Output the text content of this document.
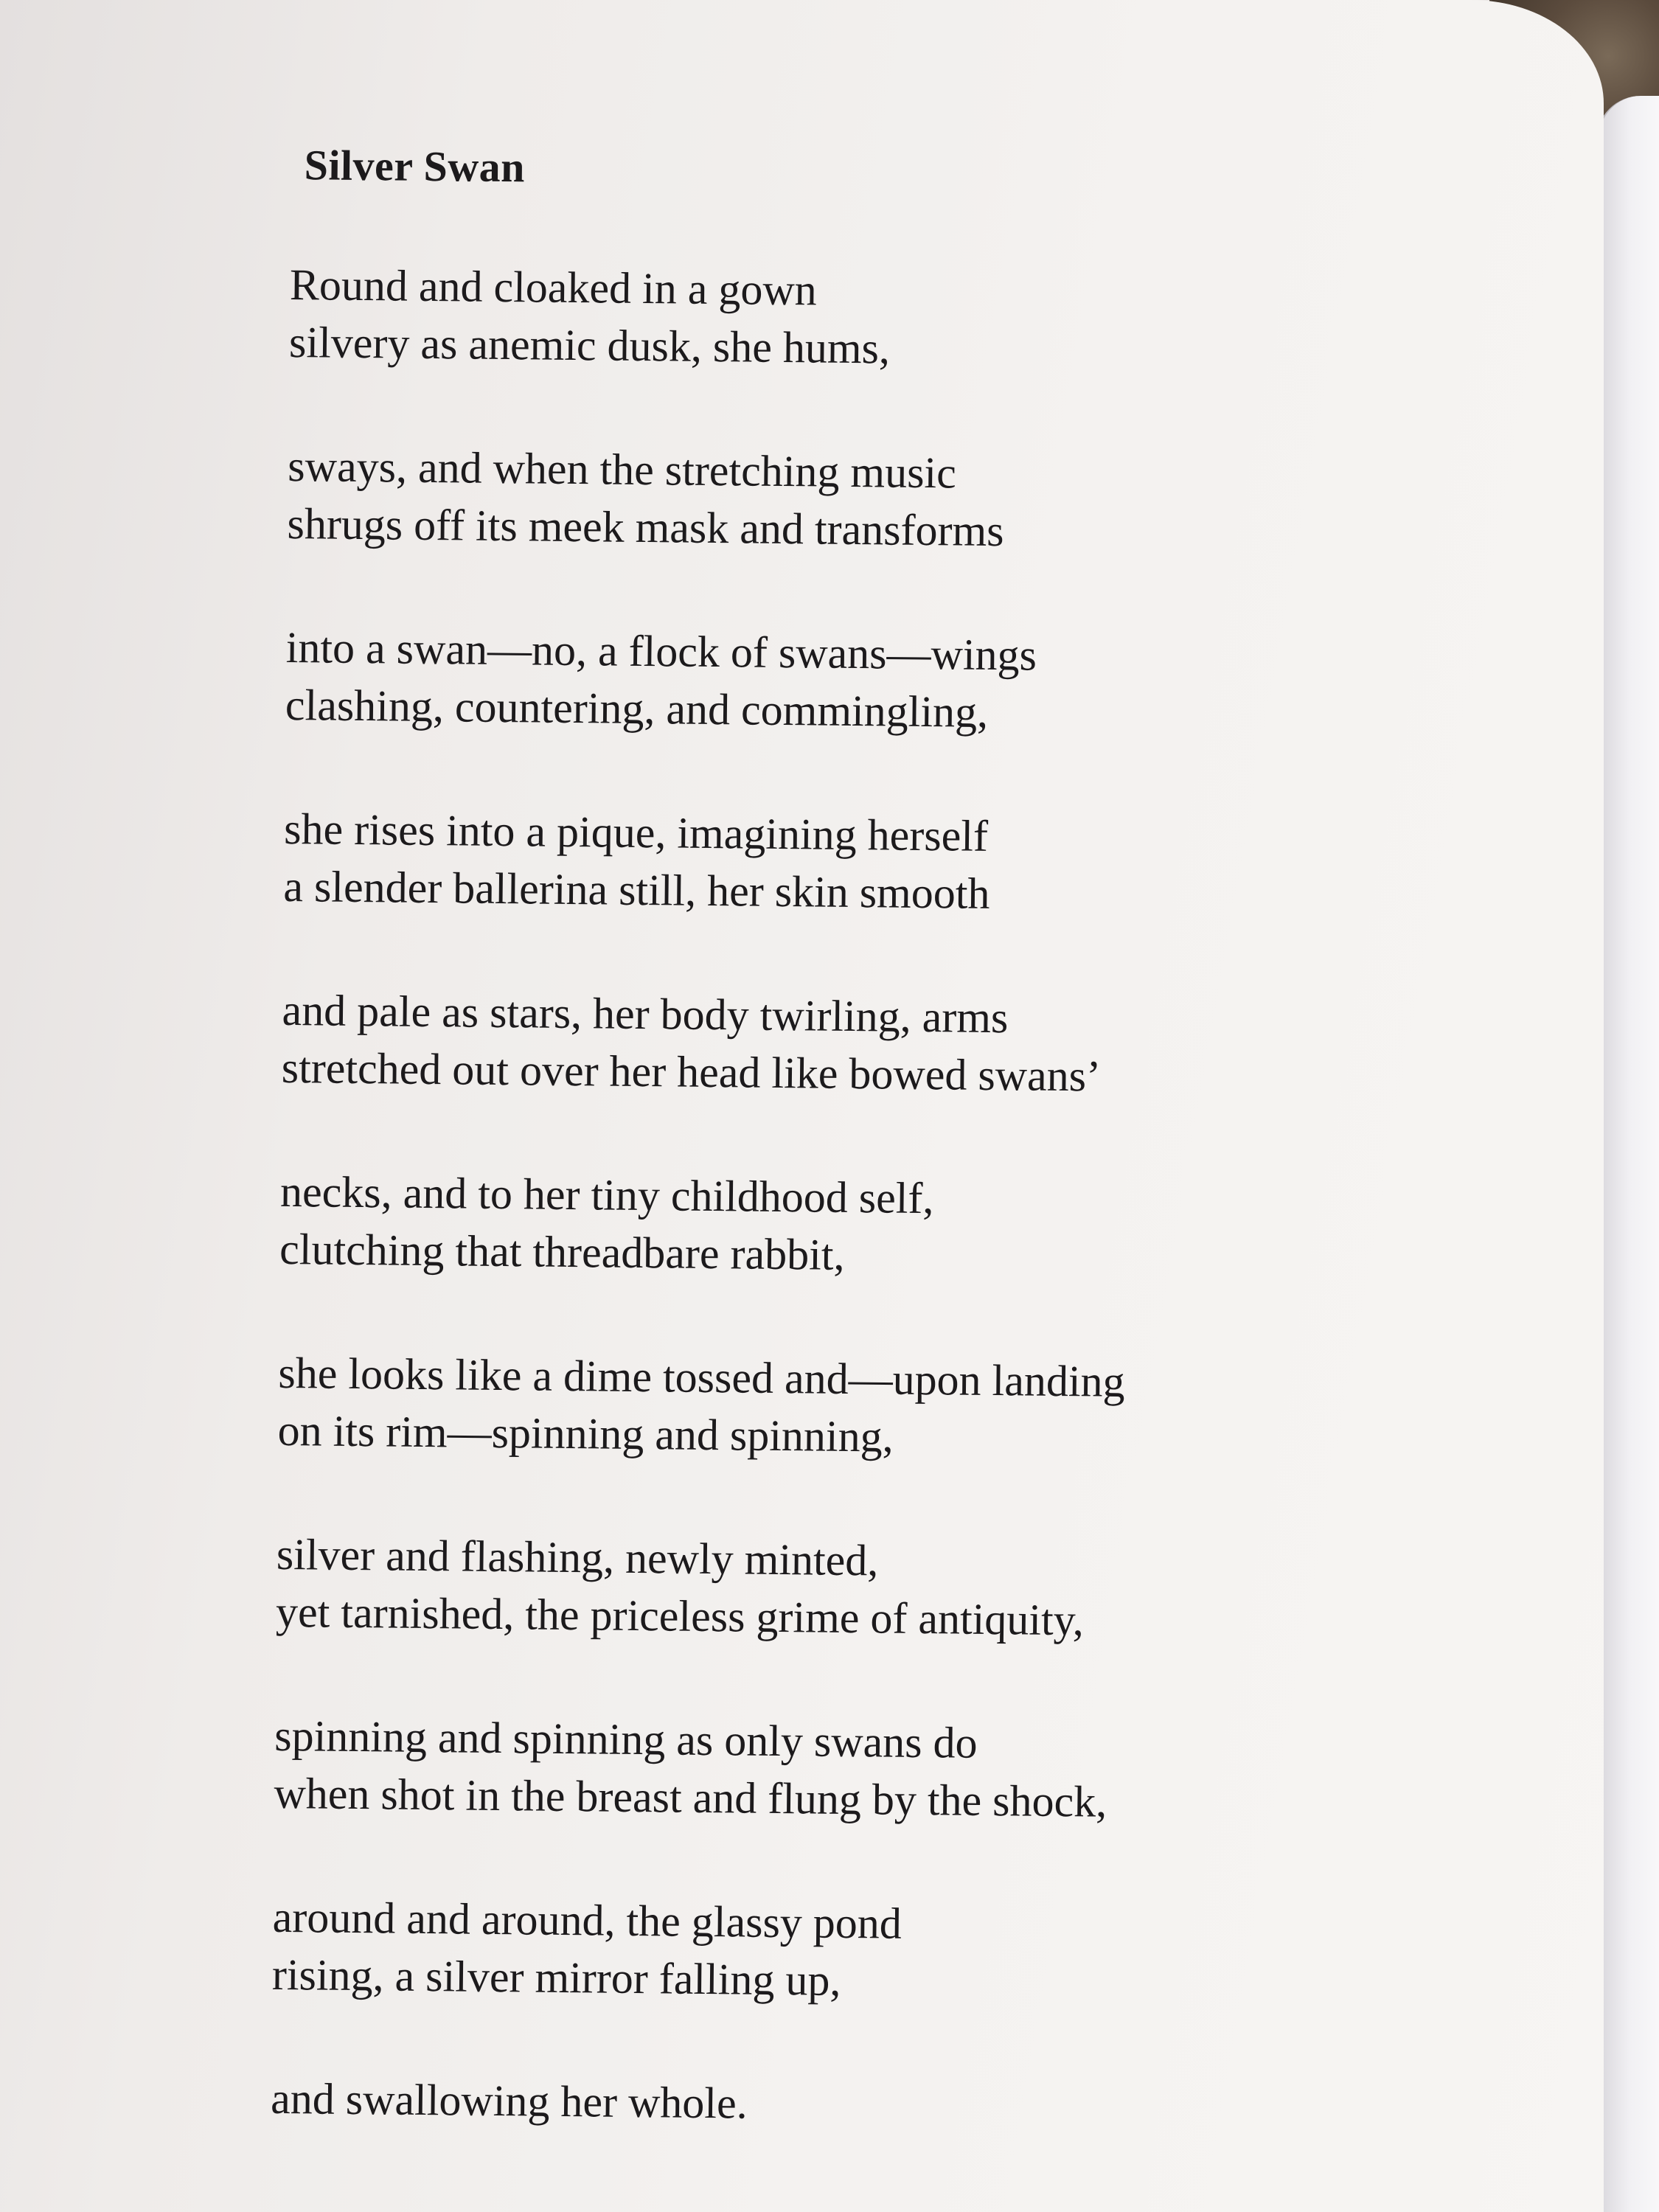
Silver Swan
Round and cloaked in a gown
silvery as anemic dusk, she hums,
sways, and when the stretching music
shrugs off its meek mask and transforms
into a swan—no, a flock of swans—wings
clashing, countering, and commingling,
she rises into a pique, imagining herself
a slender ballerina still, her skin smooth
and pale as stars, her body twirling, arms
stretched out over her head like bowed swans’
necks, and to her tiny childhood self,
clutching that threadbare rabbit,
she looks like a dime tossed and—upon landing
on its rim—spinning and spinning,
silver and flashing, newly minted,
yet tarnished, the priceless grime of antiquity,
spinning and spinning as only swans do
when shot in the breast and flung by the shock,
around and around, the glassy pond
rising, a silver mirror falling up,
and swallowing her whole.
